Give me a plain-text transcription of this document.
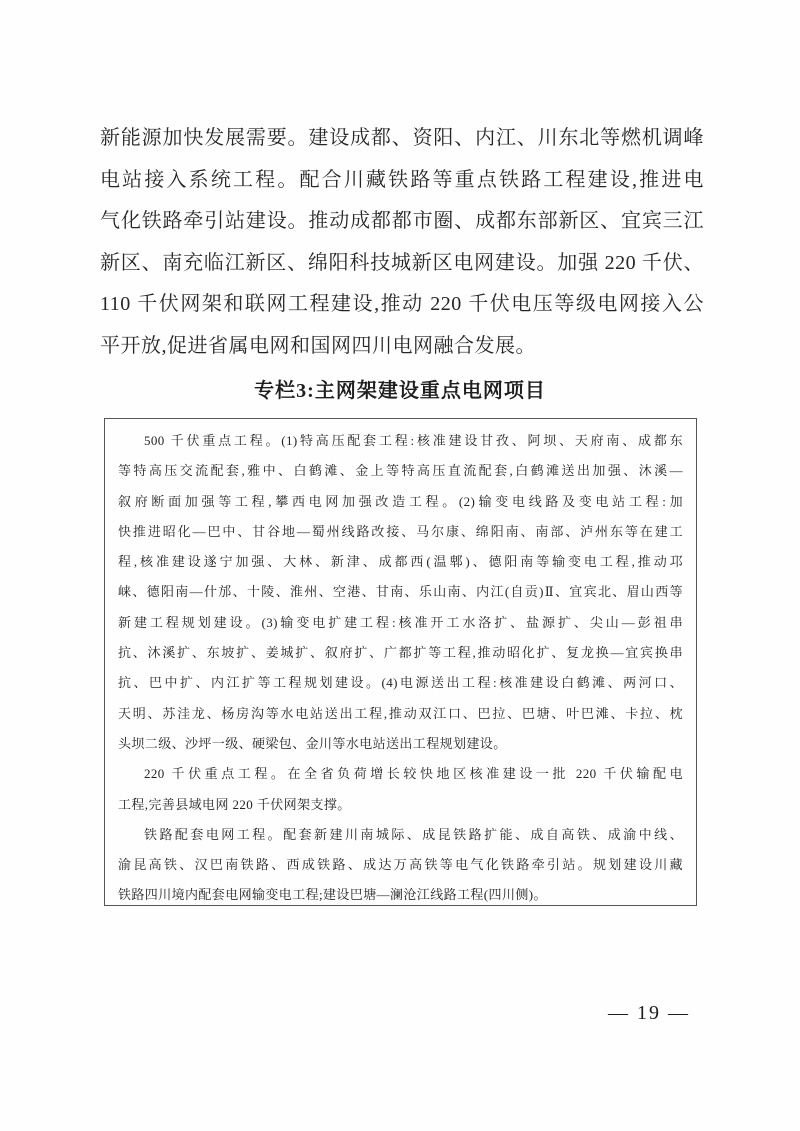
新能源加快发展需要。建设成都、资阳、内江、川东北等燃机调峰
电站接入系统工程。配合川藏铁路等重点铁路工程建设,推进电
气化铁路牵引站建设。推动成都都市圈、成都东部新区、宜宾三江
新区、南充临江新区、绵阳科技城新区电网建设。加强 220 千伏、
110 千伏网架和联网工程建设,推动 220 千伏电压等级电网接入公
平开放,促进省属电网和国网四川电网融合发展。
专栏3:主网架建设重点电网项目
500 千伏重点工程。(1)特高压配套工程:核准建设甘孜、阿坝、天府南、成都东
等特高压交流配套,雅中、白鹤滩、金上等特高压直流配套,白鹤滩送出加强、沐溪—
叙府断面加强等工程,攀西电网加强改造工程。(2)输变电线路及变电站工程:加
快推进昭化—巴中、甘谷地—蜀州线路改接、马尔康、绵阳南、南部、泸州东等在建工
程,核准建设遂宁加强、大林、新津、成都西(温郫)、德阳南等输变电工程,推动邛
崃、德阳南—什邡、十陵、淮州、空港、甘南、乐山南、内江(自贡)Ⅱ、宜宾北、眉山西等
新建工程规划建设。(3)输变电扩建工程:核准开工水洛扩、盐源扩、尖山—彭祖串
抗、沐溪扩、东坡扩、姜城扩、叙府扩、广都扩等工程,推动昭化扩、复龙换—宜宾换串
抗、巴中扩、内江扩等工程规划建设。(4)电源送出工程:核准建设白鹤滩、两河口、
天明、苏洼龙、杨房沟等水电站送出工程,推动双江口、巴拉、巴塘、叶巴滩、卡拉、枕
头坝二级、沙坪一级、硬梁包、金川等水电站送出工程规划建设。
220 千伏重点工程。在全省负荷增长较快地区核准建设一批 220 千伏输配电
工程,完善县域电网 220 千伏网架支撑。
铁路配套电网工程。配套新建川南城际、成昆铁路扩能、成自高铁、成渝中线、
渝昆高铁、汉巴南铁路、西成铁路、成达万高铁等电气化铁路牵引站。规划建设川藏
铁路四川境内配套电网输变电工程;建设巴塘—澜沧江线路工程(四川侧)。
— 19 —
